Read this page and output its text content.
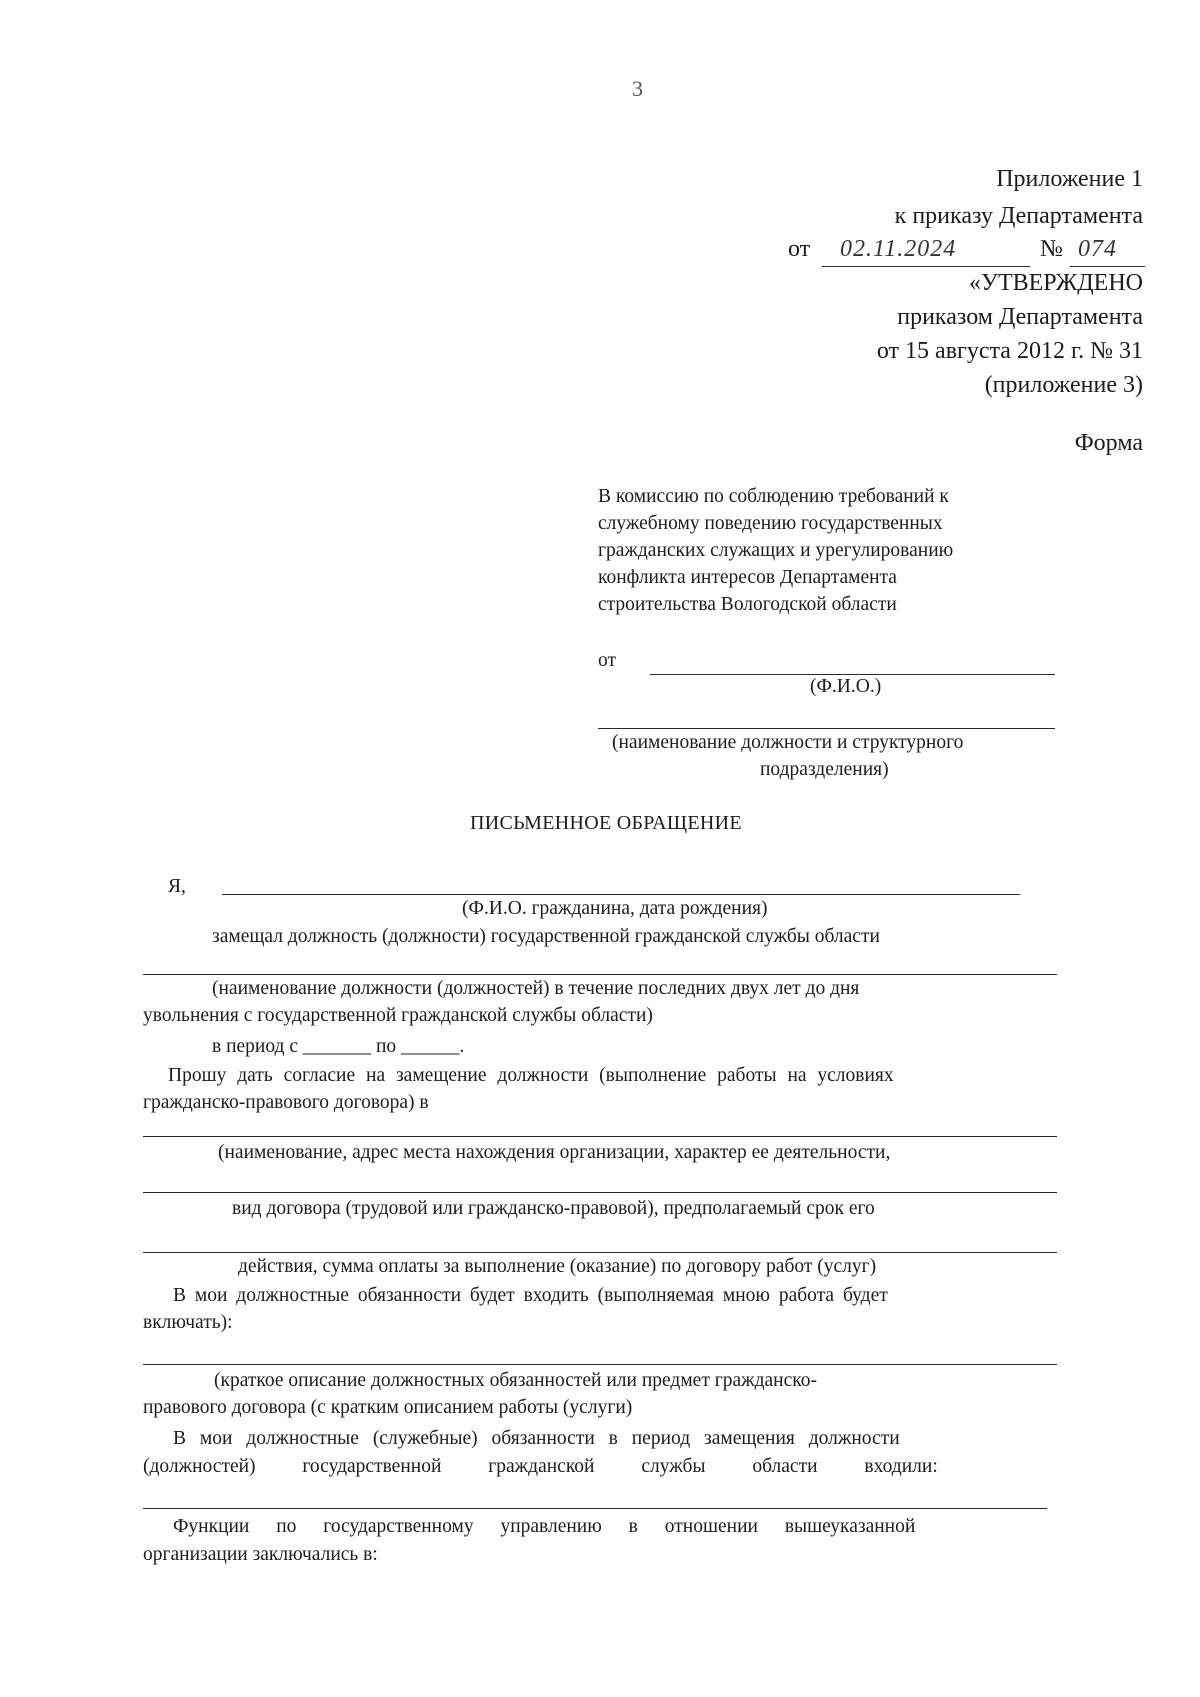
3
Приложение 1
к приказу Департамента
от 02.11.2024	№ 074
«УТВЕРЖДЕНО
приказом Департамента
от 15 августа 2012 г. № 31
(приложение 3)
Форма
В комиссию по соблюдению требований к
служебному поведению государственных
гражданских служащих и урегулированию
конфликта интересов Департамента
строительства Вологодской области
от
(Ф.И.О.)
(наименование должности и структурного
подразделения)
ПИСЬМЕННОЕ ОБРАЩЕНИЕ
Я,
(Ф.И.О. гражданина, дата рождения)
замещал должность (должности) государственной гражданской службы области
(наименование должности (должностей) в течение последних двух лет до дня
увольнения с государственной гражданской службы области)
в период с _______ по ______.
Прошу дать согласие на замещение должности (выполнение работы на условиях
гражданско-правового договора) в
(наименование, адрес места нахождения организации, характер ее деятельности,
вид договора (трудовой или гражданско-правовой), предполагаемый срок его
действия, сумма оплаты за выполнение (оказание) по договору работ (услуг)
В мои должностные обязанности будет входить (выполняемая мною работа будет
включать):
(краткое описание должностных обязанностей или предмет гражданско-
правового договора (с кратким описанием работы (услуги)
В мои должностные (служебные) обязанности в период замещения должности
(должностей) государственной гражданской службы области входили:
Функции по государственному управлению в отношении вышеуказанной
организации заключались в:
